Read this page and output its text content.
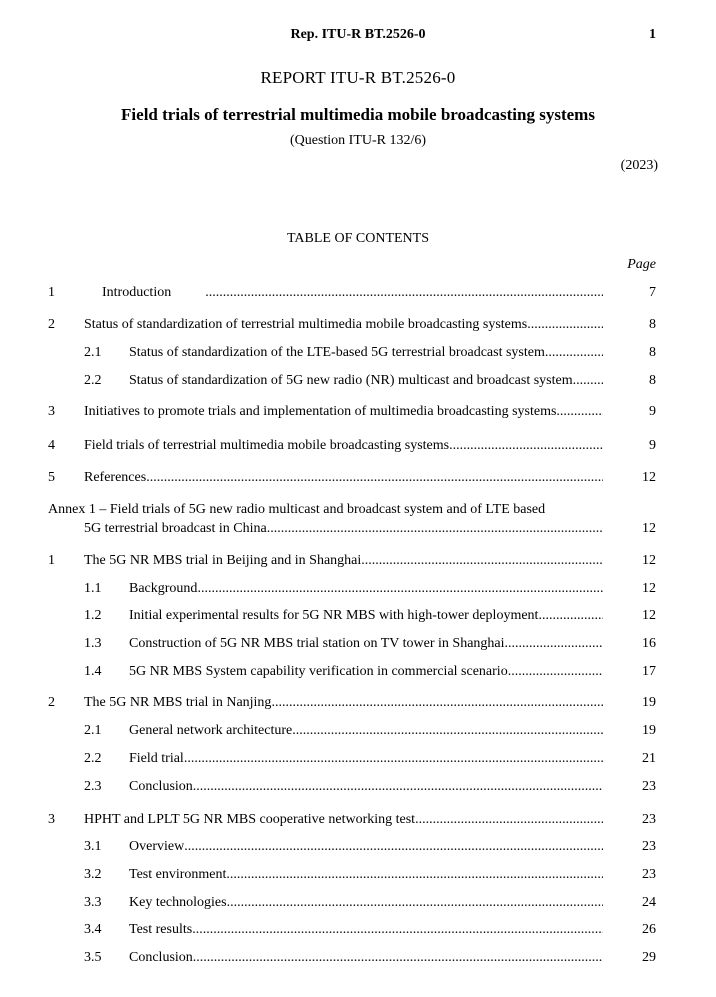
Rep. ITU-R BT.2526-0	1
REPORT ITU-R BT.2526-0
Field trials of terrestrial multimedia mobile broadcasting systems
(Question ITU-R 132/6)
(2023)
TABLE OF CONTENTS
Page
1	Introduction .....	7
2 Status of standardization of terrestrial multimedia mobile broadcasting systems .....	8
2.1 Status of standardization of the LTE-based 5G terrestrial broadcast system .....	8
2.2 Status of standardization of 5G new radio (NR) multicast and broadcast system .....	8
3 Initiatives to promote trials and implementation of multimedia broadcasting systems .....	9
4 Field trials of terrestrial multimedia mobile broadcasting systems .....	9
5 References .....	12
Annex 1 – Field trials of 5G new radio multicast and broadcast system and of LTE based
5G terrestrial broadcast in China .....	12
1 The 5G NR MBS trial in Beijing and in Shanghai .....	12
1.1 Background .....	12
1.2 Initial experimental results for 5G NR MBS with high-tower deployment .....	12
1.3 Construction of 5G NR MBS trial station on TV tower in Shanghai .....	16
1.4 5G NR MBS System capability verification in commercial scenario .....	17
2 The 5G NR MBS trial in Nanjing .....	19
2.1 General network architecture .....	19
2.2 Field trial .....	21
2.3 Conclusion .....	23
3 HPHT and LPLT 5G NR MBS cooperative networking test .....	23
3.1 Overview .....	23
3.2 Test environment .....	23
3.3 Key technologies .....	24
3.4 Test results .....	26
3.5 Conclusion .....	29
